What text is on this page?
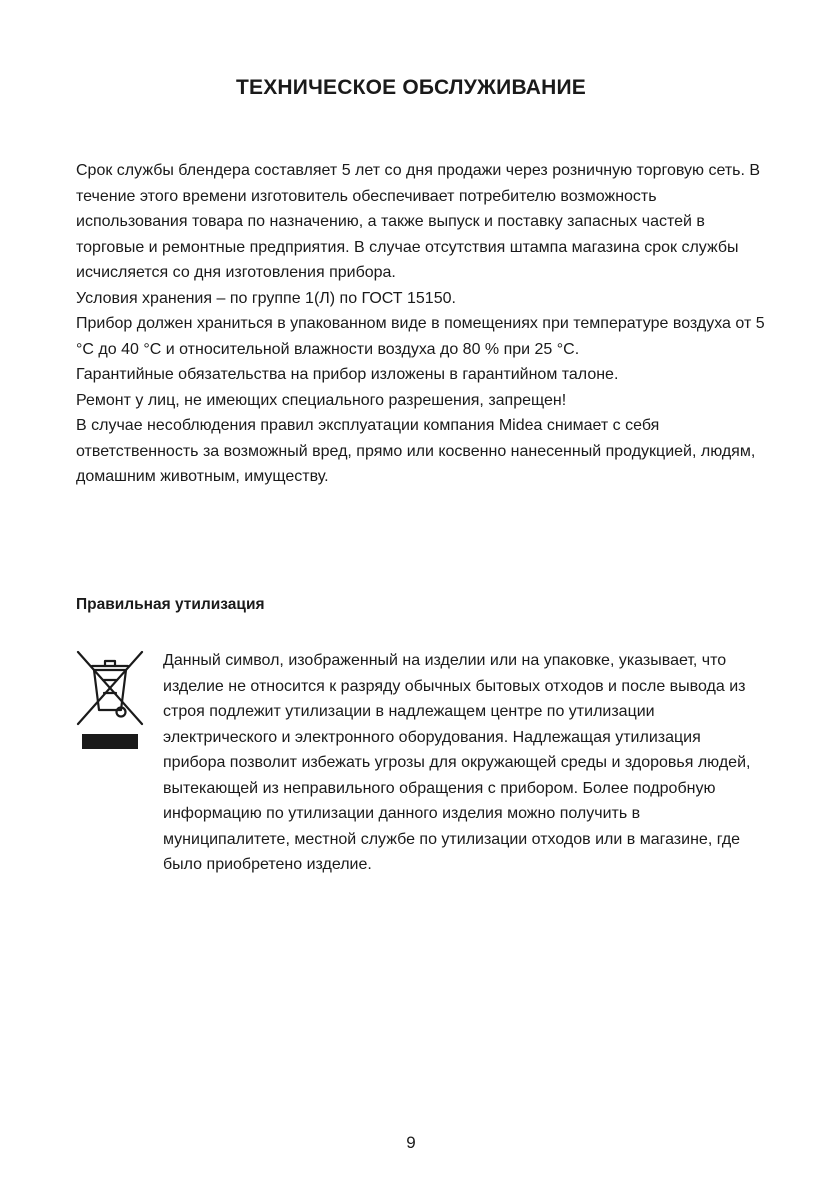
ТЕХНИЧЕСКОЕ ОБСЛУЖИВАНИЕ

Срок службы блендера составляет 5 лет со дня продажи через розничную торговую сеть. В течение этого времени изготовитель обеспечивает потребителю возможность использования товара по назначению, а также выпуск и поставку запасных частей в торговые и ремонтные предприятия. В случае отсутствия штампа магазина срок службы исчисляется со дня изготовления прибора.

Условия хранения – по группе 1(Л) по ГОСТ 15150.

Прибор должен храниться в упакованном виде в помещениях при температуре воздуха от 5 °С до 40 °С и относительной влажности воздуха до 80 % при 25 °С.

Гарантийные обязательства на прибор изложены в гарантийном талоне.

Ремонт у лиц, не имеющих специального разрешения, запрещен!

В случае несоблюдения правил эксплуатации компания Midea снимает с себя ответственность за возможный вред, прямо или косвенно нанесенный продукцией, людям, домашним животным, имуществу.

Правильная утилизация
Данный символ, изображенный на изделии или на упаковке, указывает, что изделие не относится к разряду обычных бытовых отходов и после вывода из строя подлежит утилизации в надлежащем центре по утилизации электрического и электронного оборудования. Надлежащая утилизация прибора позволит избежать угрозы для окружающей среды и здоровья людей, вытекающей из неправильного обращения с прибором. Более подробную информацию по утилизации данного изделия можно получить в муниципалитете, местной службе по утилизации отходов или в магазине, где было приобретено изделие.
9
